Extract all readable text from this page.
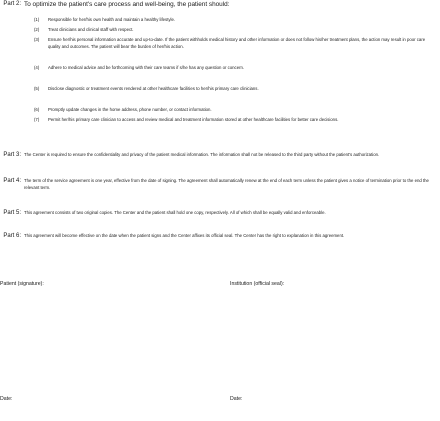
Part 2: To optimize the patient's care process and well-being, the patient should:
(1)	Responsible for her/his own health and maintain a healthy lifestyle.
(2)	Treat clinicians and clinical staff with respect.
(3)	Ensure her/his personal information accurate and up-to-date. If the patient withholds medical history and other information or does not follow his/her treatment plans, the action may result in poor care quality and outcomes. The patient will bear the burden of her/his action.
(4)	Adhere to medical advice and be forthcoming with their care teams if s/he has any question or concern.
(5)	Disclose diagnostic or treatment events rendered at other healthcare facilities to her/his primary care clinicians.
(6)	Promptly update changes in the home address, phone number, or contact information.
(7)	Permit her/his primary care clinician to access and review medical and treatment information stored at other healthcare facilities for better care decisions.
Part 3: The Center is required to ensure the confidentiality and privacy of the patient medical information. The information shall not be released to the third party without the patient's authorization.
Part 4: The term of the service agreement is one year, effective from the date of signing. The agreement shall automatically renew at the end of each term unless the patient gives a notice of termination prior to the end the relevant term.
Part 5: This agreement consists of two original copies. The Center and the patient shall hold one copy, respectively. All of which shall be equally valid and enforceable.
Part 6: This agreement will become effective on the date when the patient signs and the Center affixes its official seal. The Center has the right to explanation in this agreement.
Patient (signature):	Institution (official seal):
Date:	Date:
